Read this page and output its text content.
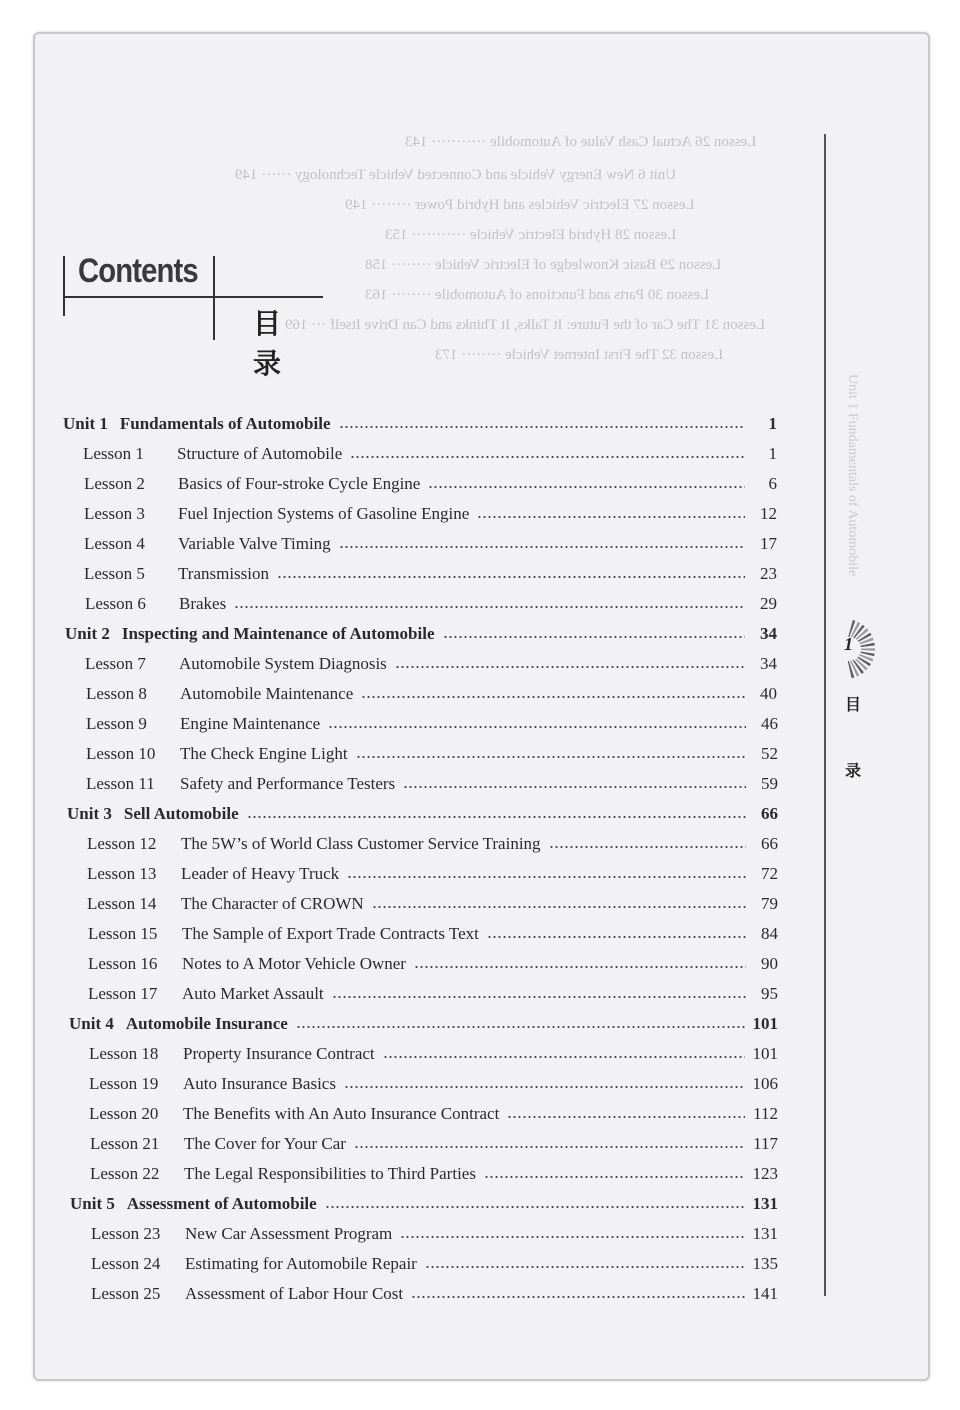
Lesson 26 Actual Cash Value of Automobile ··········· 143
Unit 6 New Energy Vehicle and Connected Vehicle Technology ······ 149
Lesson 27 Electric Vehicles and Hybrid Power ········ 149
Lesson 28 Hybrid Electric Vehicle ··········· 153
Lesson 29 Basic Knowledge of Electric Vehicle ········ 158
Lesson 30 Parts and Functions of Automobile ········ 163
Lesson 31 The Car of the Future: It Talks, It Thinks and Can Drive Itself ··· 169
Lesson 32 The First Internet Vehicle ········ 173
Unit 1 Fundamentals of Automobile
Contents
目录
Unit 1 Fundamentals of Automobile	1
Lesson 1	Structure of Automobile	1
Lesson 2	Basics of Four-stroke Cycle Engine	6
Lesson 3	Fuel Injection Systems of Gasoline Engine	12
Lesson 4	Variable Valve Timing	17
Lesson 5	Transmission	23
Lesson 6	Brakes	29
Unit 2 Inspecting and Maintenance of Automobile	34
Lesson 7	Automobile System Diagnosis	34
Lesson 8	Automobile Maintenance	40
Lesson 9	Engine Maintenance	46
Lesson 10	The Check Engine Light	52
Lesson 11	Safety and Performance Testers	59
Unit 3 Sell Automobile	66
Lesson 12	The 5W’s of World Class Customer Service Training	66
Lesson 13	Leader of Heavy Truck	72
Lesson 14	The Character of CROWN	79
Lesson 15	The Sample of Export Trade Contracts Text	84
Lesson 16	Notes to A Motor Vehicle Owner	90
Lesson 17	Auto Market Assault	95
Unit 4 Automobile Insurance	101
Lesson 18	Property Insurance Contract	101
Lesson 19	Auto Insurance Basics	106
Lesson 20	The Benefits with An Auto Insurance Contract	112
Lesson 21	The Cover for Your Car	117
Lesson 22	The Legal Responsibilities to Third Parties	123
Unit 5 Assessment of Automobile	131
Lesson 23	New Car Assessment Program	131
Lesson 24	Estimating for Automobile Repair	135
Lesson 25	Assessment of Labor Hour Cost	141
1
目
录
